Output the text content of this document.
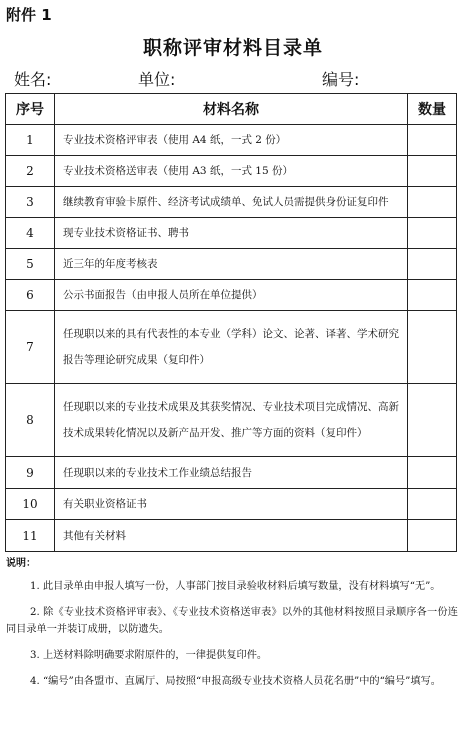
附件 1
职称评审材料目录单
姓名:	单位:	编号:
序号	材料名称	数量
1	专业技术资格评审表（使用 A4 纸，一式 2 份）	

2	专业技术资格送审表（使用 A3 纸，一式 15 份）	

3	继续教育审验卡原件、经济考试成绩单、免试人员需提供身份证复印件	

4	现专业技术资格证书、聘书	

5	近三年的年度考核表	

6	公示书面报告（由申报人员所在单位提供）	

7	任现职以来的具有代表性的本专业（学科）论文、论著、译著、学术研究
报告等理论研究成果（复印件）	

8	任现职以来的专业技术成果及其获奖情况、专业技术项目完成情况、高新
技术成果转化情况以及新产品开发、推广等方面的资料（复印件）	

9	任现职以来的专业技术工作业绩总结报告	

10	有关职业资格证书	

11	其他有关材料	

说明：
1. 此目录单由申报人填写一份，人事部门按目录验收材料后填写数量，没有材料填写“无”。
2. 除《专业技术资格评审表》、《专业技术资格送审表》以外的其他材料按照目录顺序各一份连同目录单一并装订成册，以防遗失。
3. 上送材料除明确要求附原件的，一律提供复印件。
4. “编号”由各盟市、直属厅、局按照“申报高级专业技术资格人员花名册”中的“编号”填写。
